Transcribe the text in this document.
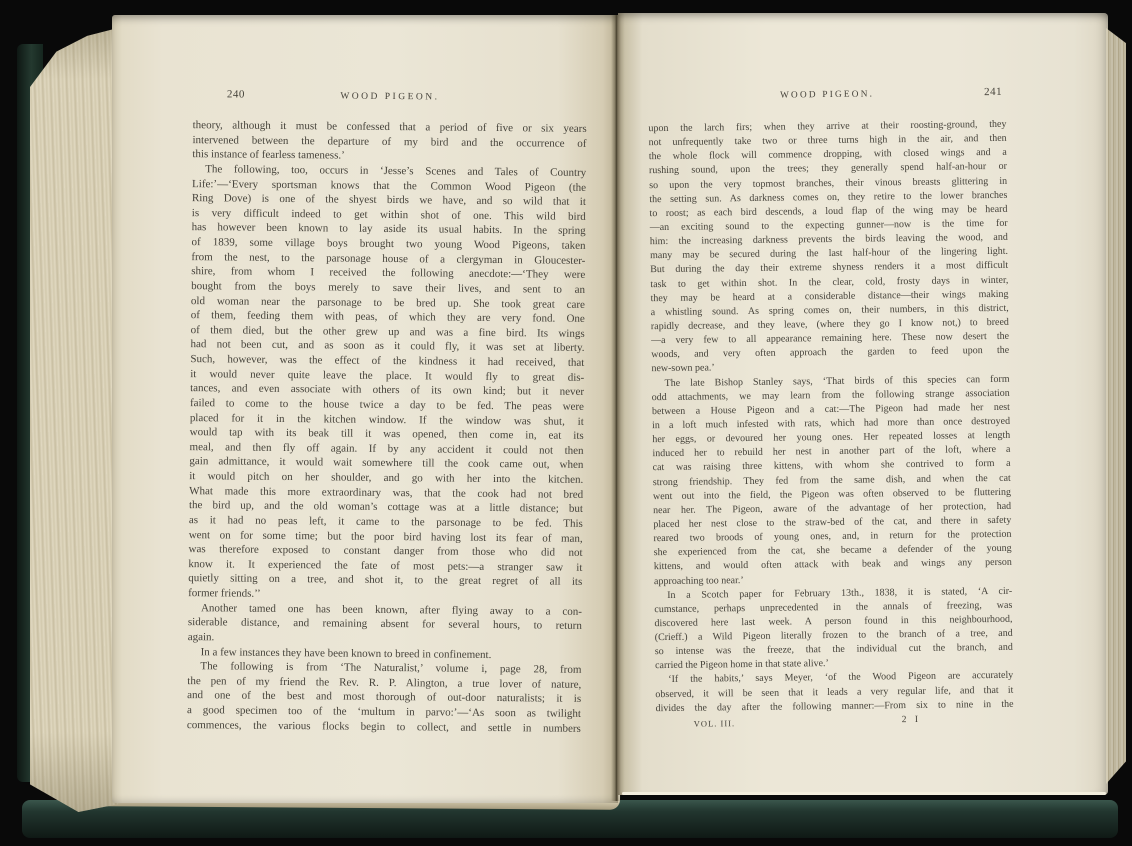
240	WOOD PIGEON.
theory, although it must be confessed that a period of five or six years
intervened between the departure of my bird and the occurrence of
this instance of fearless tameness.’
The following, too, occurs in ‘Jesse’s Scenes and Tales of Country
Life:’—‘Every sportsman knows that the Common Wood Pigeon (the
Ring Dove) is one of the shyest birds we have, and so wild that it
is very difficult indeed to get within shot of one. This wild bird
has however been known to lay aside its usual habits. In the spring
of 1839, some village boys brought two young Wood Pigeons, taken
from the nest, to the parsonage house of a clergyman in Gloucester-
shire, from whom I received the following anecdote:—‘They were
bought from the boys merely to save their lives, and sent to an
old woman near the parsonage to be bred up. She took great care
of them, feeding them with peas, of which they are very fond. One
of them died, but the other grew up and was a fine bird. Its wings
had not been cut, and as soon as it could fly, it was set at liberty.
Such, however, was the effect of the kindness it had received, that
it would never quite leave the place. It would fly to great dis-
tances, and even associate with others of its own kind; but it never
failed to come to the house twice a day to be fed. The peas were
placed for it in the kitchen window. If the window was shut, it
would tap with its beak till it was opened, then come in, eat its
meal, and then fly off again. If by any accident it could not then
gain admittance, it would wait somewhere till the cook came out, when
it would pitch on her shoulder, and go with her into the kitchen.
What made this more extraordinary was, that the cook had not bred
the bird up, and the old woman’s cottage was at a little distance; but
as it had no peas left, it came to the parsonage to be fed. This
went on for some time; but the poor bird having lost its fear of man,
was therefore exposed to constant danger from those who did not
know it. It experienced the fate of most pets:—a stranger saw it
quietly sitting on a tree, and shot it, to the great regret of all its
former friends.’’
Another tamed one has been known, after flying away to a con-
siderable distance, and remaining absent for several hours, to return
again.
In a few instances they have been known to breed in confinement.
The following is from ‘The Naturalist,’ volume i, page 28, from
the pen of my friend the Rev. R. P. Alington, a true lover of nature,
and one of the best and most thorough of out-door naturalists; it is
a good specimen too of the ‘multum in parvo:’—‘As soon as twilight
commences, the various flocks begin to collect, and settle in numbers
WOOD PIGEON.	241
upon the larch firs; when they arrive at their roosting-ground, they
not unfrequently take two or three turns high in the air, and then
the whole flock will commence dropping, with closed wings and a
rushing sound, upon the trees; they generally spend half-an-hour or
so upon the very topmost branches, their vinous breasts glittering in
the setting sun. As darkness comes on, they retire to the lower branches
to roost; as each bird descends, a loud flap of the wing may be heard
—an exciting sound to the expecting gunner—now is the time for
him: the increasing darkness prevents the birds leaving the wood, and
many may be secured during the last half-hour of the lingering light.
But during the day their extreme shyness renders it a most difficult
task to get within shot. In the clear, cold, frosty days in winter,
they may be heard at a considerable distance—their wings making
a whistling sound. As spring comes on, their numbers, in this district,
rapidly decrease, and they leave, (where they go I know not,) to breed
—a very few to all appearance remaining here. These now desert the
woods, and very often approach the garden to feed upon the
new-sown pea.’
The late Bishop Stanley says, ‘That birds of this species can form
odd attachments, we may learn from the following strange association
between a House Pigeon and a cat:—The Pigeon had made her nest
in a loft much infested with rats, which had more than once destroyed
her eggs, or devoured her young ones. Her repeated losses at length
induced her to rebuild her nest in another part of the loft, where a
cat was raising three kittens, with whom she contrived to form a
strong friendship. They fed from the same dish, and when the cat
went out into the field, the Pigeon was often observed to be fluttering
near her. The Pigeon, aware of the advantage of her protection, had
placed her nest close to the straw-bed of the cat, and there in safety
reared two broods of young ones, and, in return for the protection
she experienced from the cat, she became a defender of the young
kittens, and would often attack with beak and wings any person
approaching too near.’
In a Scotch paper for February 13th., 1838, it is stated, ‘A cir-
cumstance, perhaps unprecedented in the annals of freezing, was
discovered here last week. A person found in this neighbourhood,
(Crieff.) a Wild Pigeon literally frozen to the branch of a tree, and
so intense was the freeze, that the individual cut the branch, and
carried the Pigeon home in that state alive.’
‘If the habits,’ says Meyer, ‘of the Wood Pigeon are accurately
observed, it will be seen that it leads a very regular life, and that it
divides the day after the following manner:—From six to nine in the
VOL. III.	2 I
